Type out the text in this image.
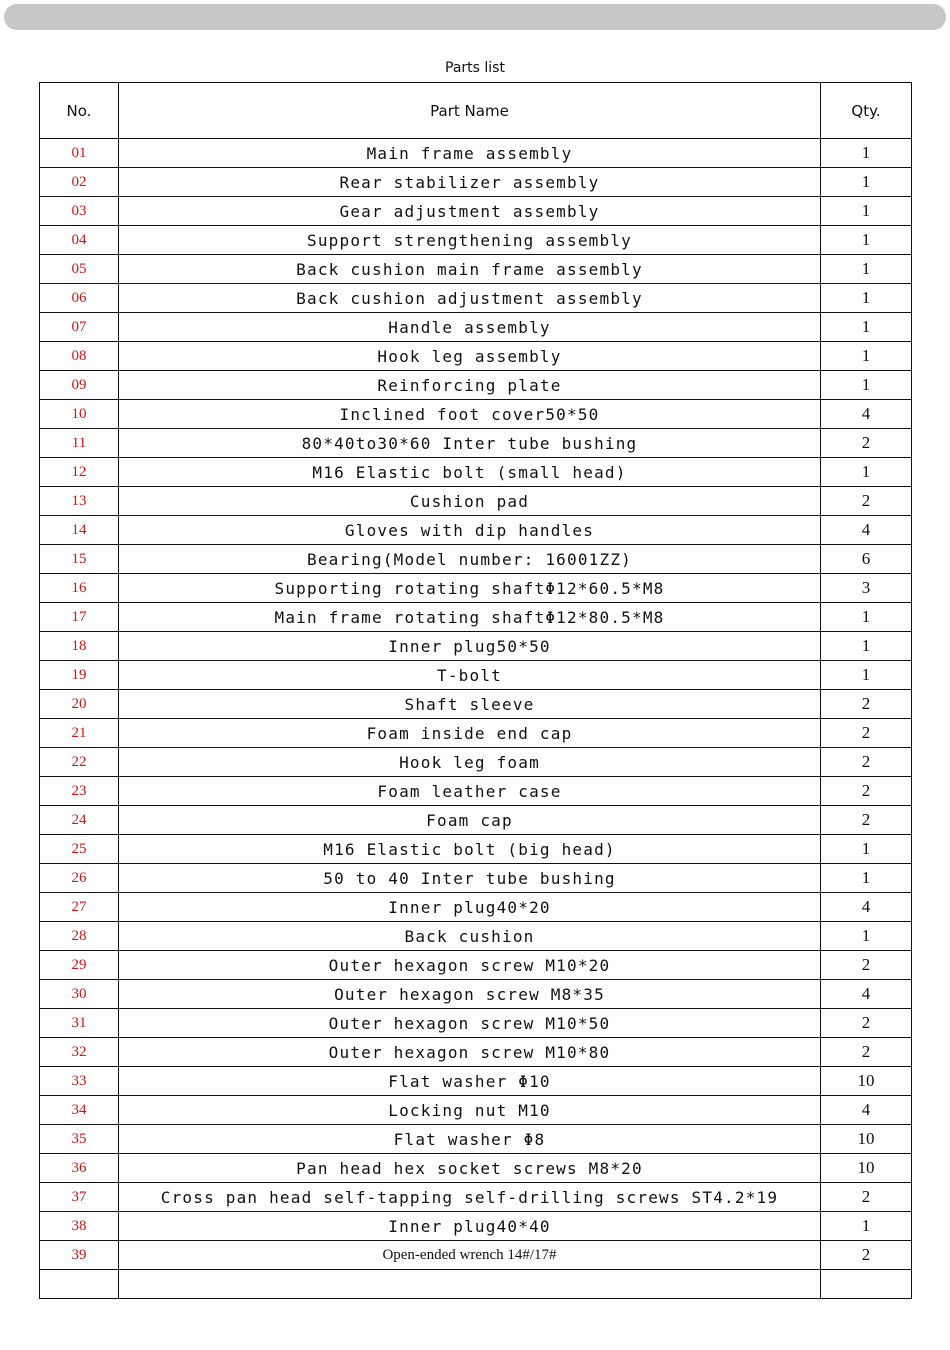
Parts list
No.	Part Name	Qty.
01	Main frame assembly	1
02	Rear stabilizer assembly	1
03	Gear adjustment assembly	1
04	Support strengthening assembly	1
05	Back cushion main frame assembly	1
06	Back cushion adjustment assembly	1
07	Handle assembly	1
08	Hook leg assembly	1
09	Reinforcing plate	1
10	Inclined foot cover50*50	4
11	80*40to30*60 Inter tube bushing	2
12	M16 Elastic bolt (small head)	1
13	Cushion pad	2
14	Gloves with dip handles	4
15	Bearing(Model number: 16001ZZ)	6
16	Supporting rotating shaftΦ12*60.5*M8	3
17	Main frame rotating shaftΦ12*80.5*M8	1
18	Inner plug50*50	1
19	T-bolt	1
20	Shaft sleeve	2
21	Foam inside end cap	2
22	Hook leg foam	2
23	Foam leather case	2
24	Foam cap	2
25	M16 Elastic bolt (big head)	1
26	50 to 40 Inter tube bushing	1
27	Inner plug40*20	4
28	Back cushion	1
29	Outer hexagon screw M10*20	2
30	Outer hexagon screw M8*35	4
31	Outer hexagon screw M10*50	2
32	Outer hexagon screw M10*80	2
33	Flat washer Φ10	10
34	Locking nut M10	4
35	Flat washer Φ8	10
36	Pan head hex socket screws M8*20	10
37	Cross pan head self-tapping self-drilling screws ST4.2*19	2
38	Inner plug40*40	1
39	Open-ended wrench 14#/17#	2
